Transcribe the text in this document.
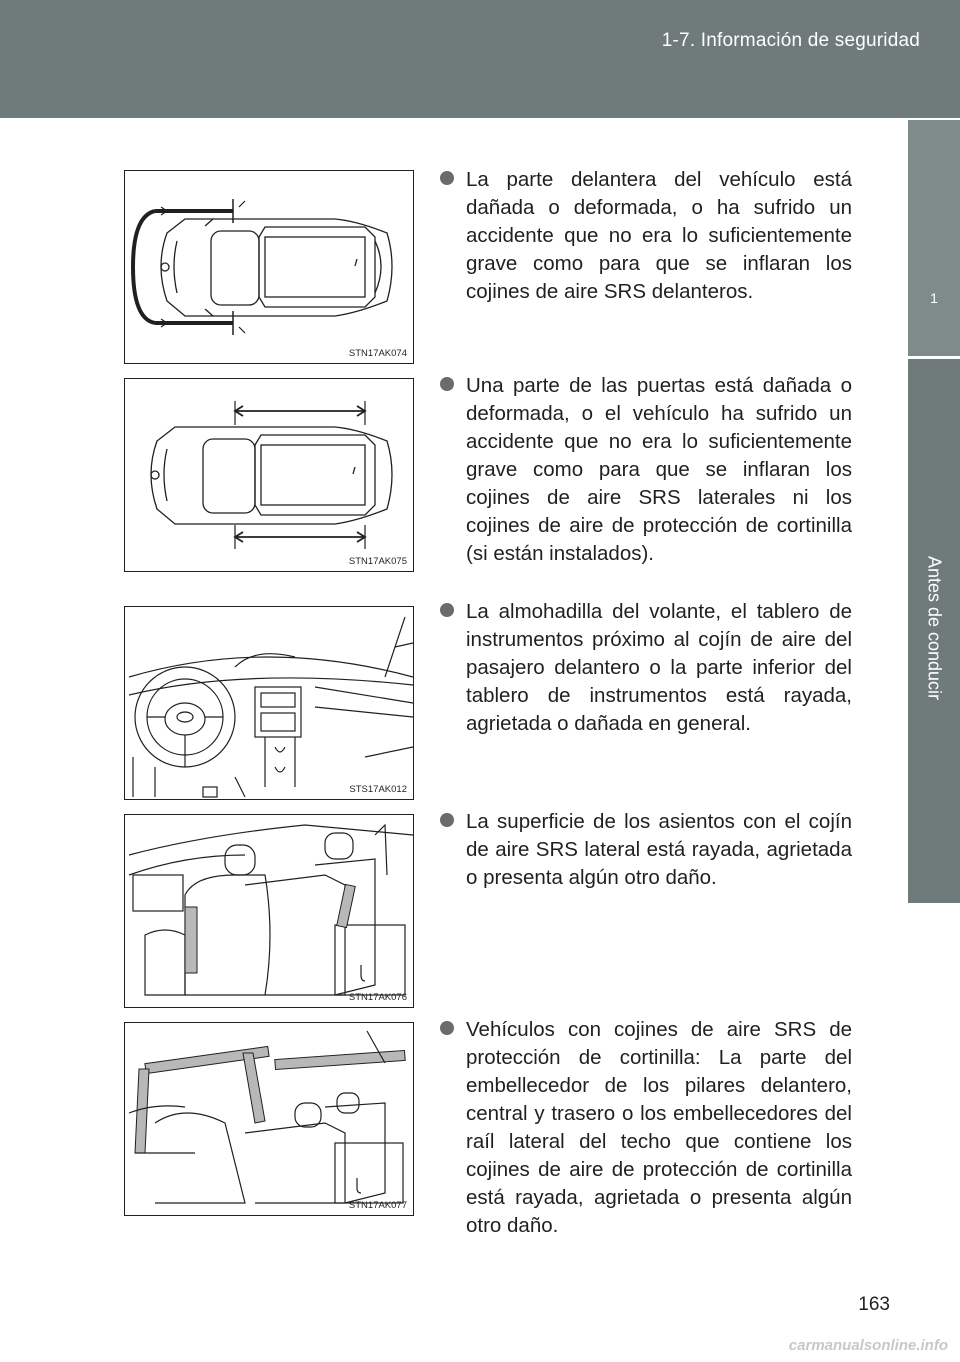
1-7. Información de seguridad
1
Antes de conducir
STN17AK074
STN17AK075
STS17AK012
STN17AK076
STN17AK077
La parte delantera del vehículo está dañada o deformada, o ha sufrido un accidente que no era lo suficientemente grave como para que se inflaran los cojines de aire SRS delanteros.
Una parte de las puertas está dañada o deformada, o el vehículo ha sufrido un accidente que no era lo suficientemente grave como para que se inflaran los cojines de aire SRS laterales ni los cojines de aire de protección de cortinilla (si están instalados).
La almohadilla del volante, el tablero de instrumentos próximo al cojín de aire del pasajero delantero o la parte inferior del tablero de instrumentos está rayada, agrietada o dañada en general.
La superficie de los asientos con el cojín de aire SRS lateral está rayada, agrietada o presenta algún otro daño.
Vehículos con cojines de aire SRS de protección de cortinilla: La parte del embellecedor de los pilares delantero, central y trasero o los embellecedores del raíl lateral del techo que contiene los cojines de aire de protección de cortinilla está rayada, agrietada o presenta algún otro daño.
163
carmanualsonline.info
